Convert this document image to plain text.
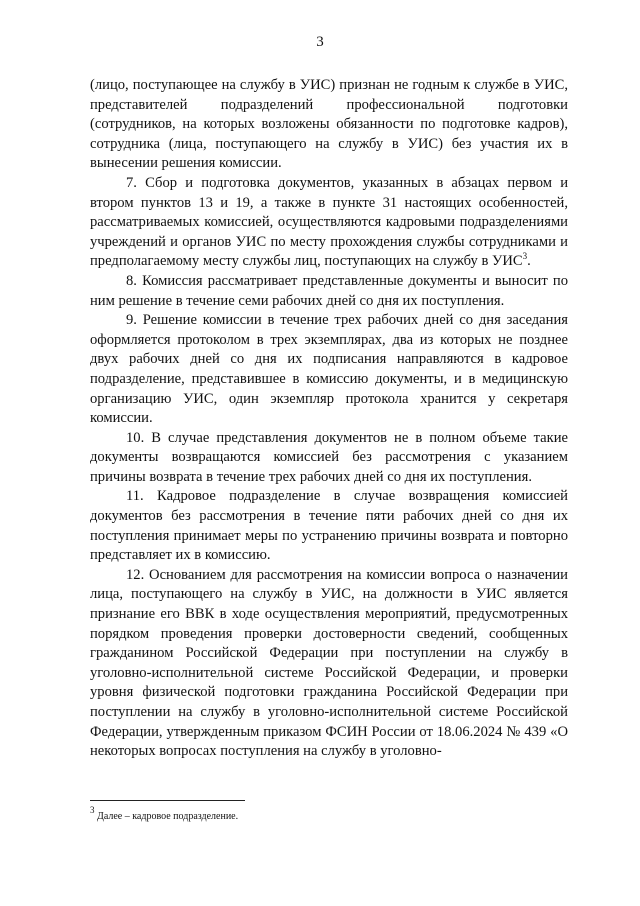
3

(лицо, поступающее на службу в УИС) признан не годным к службе в УИС, представителей подразделений профессиональной подготовки (сотрудников, на которых возложены обязанности по подготовке кадров), сотрудника (лица, поступающего на службу в УИС) без участия их в вынесении решения комиссии.

7. Сбор и подготовка документов, указанных в абзацах первом и втором пунктов 13 и 19, а также в пункте 31 настоящих особенностей, рассматриваемых комиссией, осуществляются кадровыми подразделениями учреждений и органов УИС по месту прохождения службы сотрудниками и предполагаемому месту службы лиц, поступающих на службу в УИС$^3$.

8. Комиссия рассматривает представленные документы и выносит по ним решение в течение семи рабочих дней со дня их поступления.

9. Решение комиссии в течение трех рабочих дней со дня заседания оформляется протоколом в трех экземплярах, два из которых не позднее двух рабочих дней со дня их подписания направляются в кадровое подразделение, представившее в комиссию документы, и в медицинскую организацию УИС, один экземпляр протокола хранится у секретаря комиссии.

10. В случае представления документов не в полном объеме такие документы возвращаются комиссией без рассмотрения с указанием причины возврата в течение трех рабочих дней со дня их поступления.

11. Кадровое подразделение в случае возвращения комиссией документов без рассмотрения в течение пяти рабочих дней со дня их поступления принимает меры по устранению причины возврата и повторно представляет их в комиссию.

12. Основанием для рассмотрения на комиссии вопроса о назначении лица, поступающего на службу в УИС, на должности в УИС является признание его ВВК в ходе осуществления мероприятий, предусмотренных порядком проведения проверки достоверности сведений, сообщенных гражданином Российской Федерации при поступлении на службу в уголовно-исполнительной системе Российской Федерации, и проверки уровня физической подготовки гражданина Российской Федерации при поступлении на службу в уголовно-исполнительной системе Российской Федерации, утвержденным приказом ФСИН России от 18.06.2024 № 439 «О некоторых вопросах поступления на службу в уголовно-

$^3$ Далее – кадровое подразделение.
